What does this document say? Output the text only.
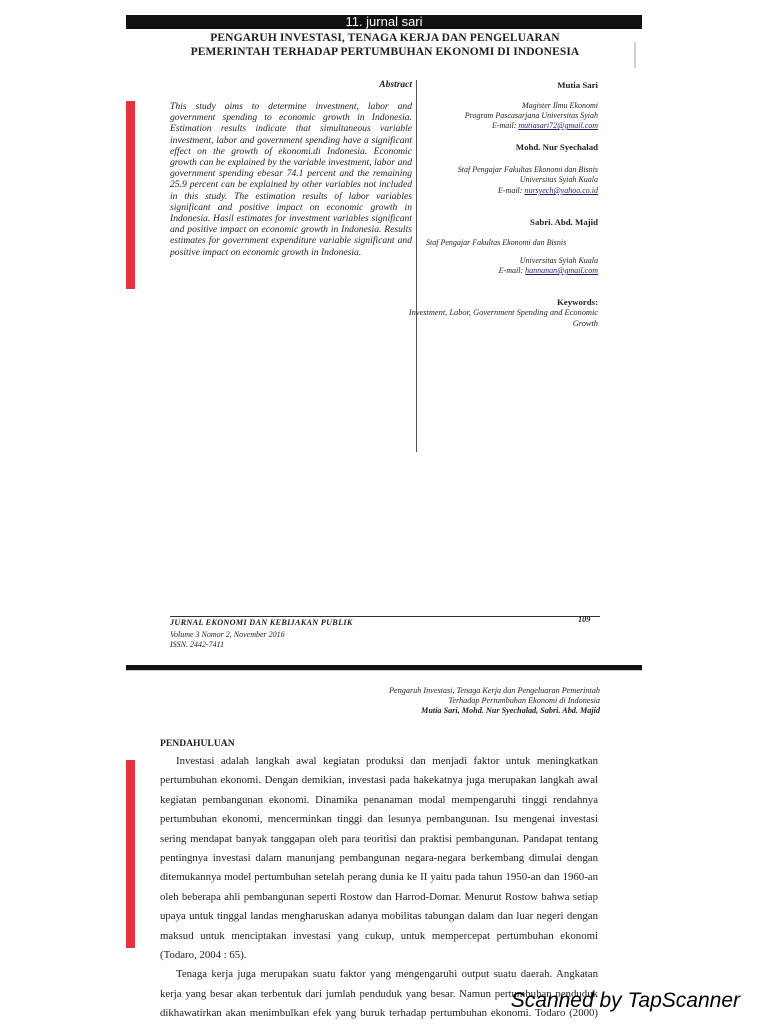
11. jurnal sari
PENGARUH INVESTASI, TENAGA KERJA DAN PENGELUARAN
PEMERINTAH TERHADAP PERTUMBUHAN EKONOMI DI INDONESIA
Abstract
This study aims to determine investment, labor and government spending to economic growth in Indonesia. Estimation results indicate that simultaneous variable investment, labor and government spending have a significant effect on the growth of ekonomi.di Indonesia. Economic growth can be explained by the variable investment, labor and government spending ebesar 74.1 percent and the remaining 25.9 percent can be explained by other variables not included in this study. The estimation results of labor variables significant and positive impact on economic growth in Indonesia. Hasil estimates for investment variables significant and positive impact on economic growth in Indonesia. Results estimates for government expenditure variable significant and positive impact on economic growth in Indonesia.
Mutia Sari
Magister Ilmu Ekonomi
Program Pascasarjana Universitas Syiah
E-mail: mutiasari72@gmail.com
Mohd. Nur Syechalad
Staf Pengajar Fakultas Ekonomi dan Bisnis
Universitas Syiah Kuala
E-mail: nursyech@yahoo.co.id
Sabri. Abd. Majid
Staf Pengajar Fakultas Ekonomi dan Bisnis
Universitas Syiah Kuala
E-mail: hannanan@gmail.com
Keywords:
Investment, Labor, Government Spending and Economic Growth
JURNAL EKONOMI DAN KEBIJAKAN PUBLIK	109
Volume 3 Nomor 2, November 2016
ISSN. 2442-7411
Pengaruh Investasi, Tenaga Kerja dan Pengeluaran Pemerintah
Terhadap Pertumbuhan Ekonomi di Indonesia
Mutia Sari, Mohd. Nur Syechalad, Sabri. Abd. Majid
PENDAHULUAN
Investasi adalah langkah awal kegiatan produksi dan menjadi faktor untuk meningkatkan
pertumbuhan ekonomi. Dengan demikian, investasi pada hakekatnya juga merupakan langkah awal
kegiatan pembangunan ekonomi. Dinamika penanaman modal mempengaruhi tinggi rendahnya
pertumbuhan ekonomi, mencerminkan tinggi dan lesunya pembangunan. Isu mengenai investasi
sering mendapat banyak tanggapan oleh para teoritisi dan praktisi pembangunan. Pandapat tentang
pentingnya investasi dalam manunjang pembangunan negara-negara berkembang dimulai dengan
ditemukannya model pertumbuhan setelah perang dunia ke II yaitu pada tahun 1950-an dan 1960-an
oleh beberapa ahli pembangunan seperti Rostow dan Harrod-Domar. Menurut Rostow bahwa setiap
upaya untuk tinggal landas mengharuskan adanya mobilitas tabungan dalam dan luar negeri dengan
maksud untuk menciptakan investasi yang cukup, untuk mempercepat pertumbuhan ekonomi
(Todaro, 2004 : 65).
Tenaga kerja juga merupakan suatu faktor yang mengengaruhi output suatu daerah. Angkatan
kerja yang besar akan terbentuk dari jumlah penduduk yang besar. Namun pertumbuhan penduduk
dikhawatirkan akan menimbulkan efek yang buruk terhadap pertumbuhan ekonomi. Todaro (2000)
Scanned by TapScanner
